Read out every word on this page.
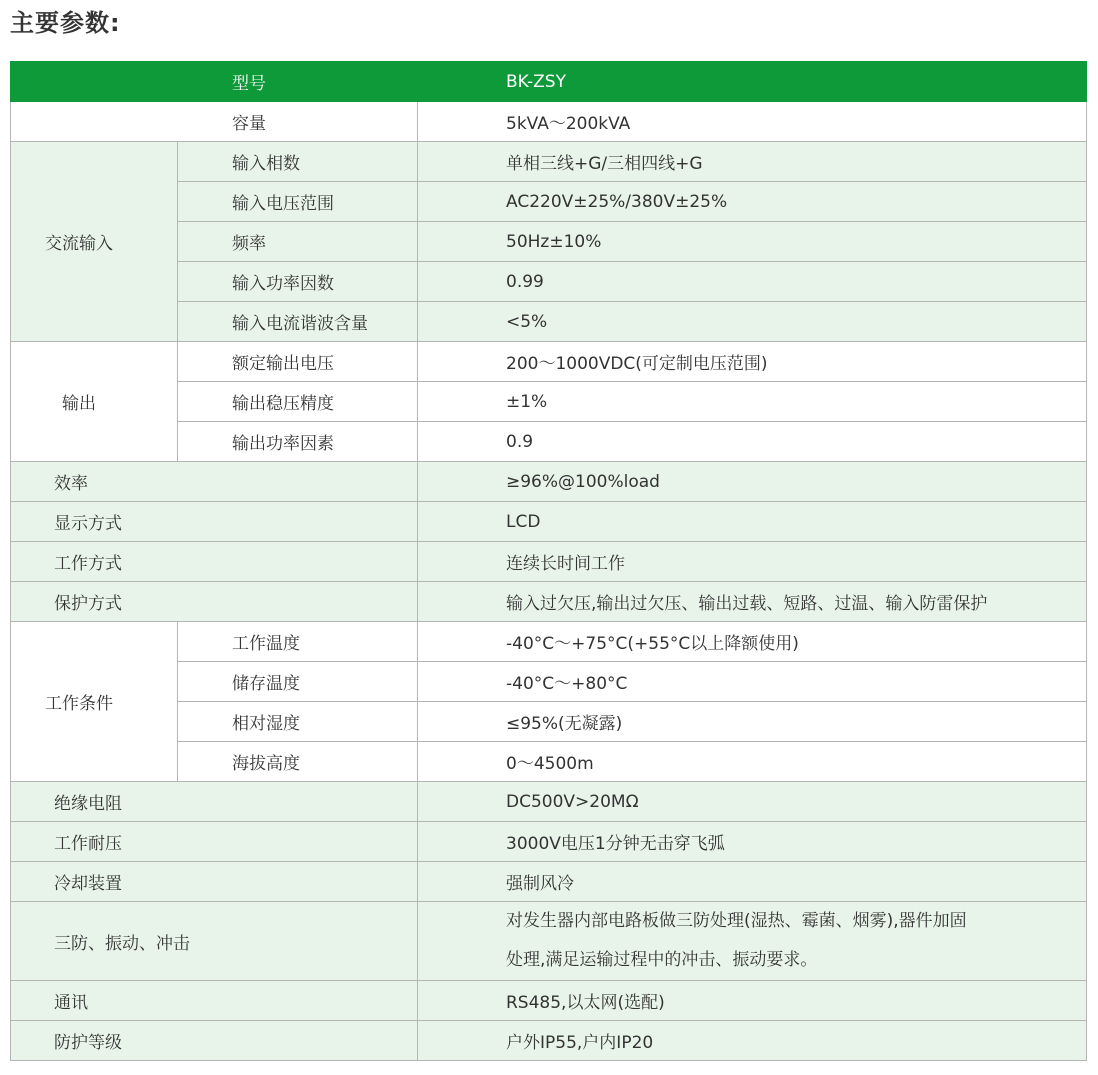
主要参数:
型号		BK-ZSY
容量		5kVA～200kVA
交流输入	输入相数	单相三线+G/三相四线+G
	输入电压范围	AC220V±25%/380V±25%
	频率	50Hz±10%
	输入功率因数	0.99
	输入电流谐波含量	<5%
输出	额定输出电压	200～1000VDC(可定制电压范围)
	输出稳压精度	±1%
	输出功率因素	0.9
效率		≥96%@100%load
显示方式		LCD
工作方式		连续长时间工作
保护方式		输入过欠压,输出过欠压、输出过载、短路、过温、输入防雷保护
工作条件	工作温度	-40°C～+75°C(+55°C以上降额使用)
	储存温度	-40°C～+80°C
	相对湿度	≤95%(无凝露)
	海拔高度	0～4500m
绝缘电阻		DC500V>20MΩ
工作耐压		3000V电压1分钟无击穿飞弧
冷却装置		强制风冷
三防、振动、冲击		对发生器内部电路板做三防处理(湿热、霉菌、烟雾),器件加固
处理,满足运输过程中的冲击、振动要求。

通讯		RS485,以太网(选配)
防护等级		户外IP55,户内IP20
